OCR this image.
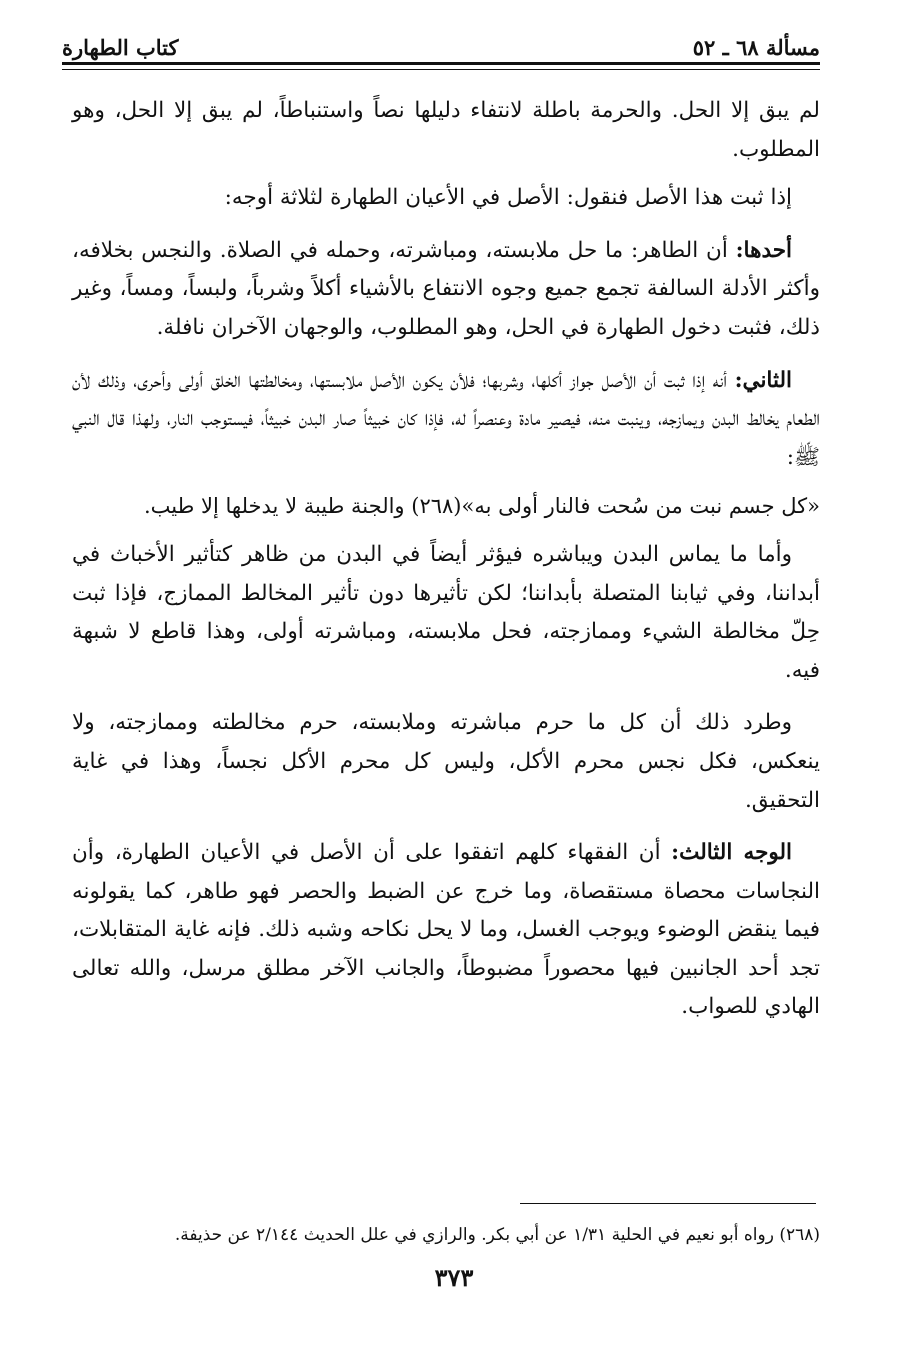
مسألة ٦٨ ـ ٥٢
كتاب الطهارة

لم يبق إلا الحل. والحرمة باطلة لانتفاء دليلها نصاً واستنباطاً، لم يبق إلا الحل، وهو المطلوب.

إذا ثبت هذا الأصل فنقول: الأصل في الأعيان الطهارة لثلاثة أوجه:

أحدها: أن الطاهر: ما حل ملابسته، ومباشرته، وحمله في الصلاة. والنجس بخلافه، وأكثر الأدلة السالفة تجمع جميع وجوه الانتفاع بالأشياء أكلاً وشرباً، ولبساً، ومساً، وغير ذلك، فثبت دخول الطهارة في الحل، وهو المطلوب، والوجهان الآخران نافلة.

الثاني: أنه إذا ثبت أن الأصل جواز أكلها، وشربها؛ فلأن يكون الأصل ملابستها، ومخالطتها الخلق أولى وأحرى، وذلك لأن الطعام يخالط البدن ويمازجه، وينبت منه، فيصير مادة وعنصراً له، فإذا كان خبيثاً صار البدن خبيثاً، فيستوجب النار، ولهذا قال النبي ﷺ:

«كل جسم نبت من سُحت فالنار أولى به»(٢٦٨) والجنة طيبة لا يدخلها إلا طيب.

وأما ما يماس البدن ويباشره فيؤثر أيضاً في البدن من ظاهر كتأثير الأخباث في أبداننا، وفي ثيابنا المتصلة بأبداننا؛ لكن تأثيرها دون تأثير المخالط الممازج، فإذا ثبت حِلّ مخالطة الشيء وممازجته، فحل ملابسته، ومباشرته أولى، وهذا قاطع لا شبهة فيه.

وطرد ذلك أن كل ما حرم مباشرته وملابسته، حرم مخالطته وممازجته، ولا ينعكس، فكل نجس محرم الأكل، وليس كل محرم الأكل نجساً، وهذا في غاية التحقيق.

الوجه الثالث: أن الفقهاء كلهم اتفقوا على أن الأصل في الأعيان الطهارة، وأن النجاسات محصاة مستقصاة، وما خرج عن الضبط والحصر فهو طاهر، كما يقولونه فيما ينقض الوضوء ويوجب الغسل، وما لا يحل نكاحه وشبه ذلك. فإنه غاية المتقابلات، تجد أحد الجانبين فيها محصوراً مضبوطاً، والجانب الآخر مطلق مرسل، والله تعالى الهادي للصواب.

(٢٦٨) رواه أبو نعيم في الحلية ١/٣١ عن أبي بكر. والرازي في علل الحديث ٢/١٤٤ عن حذيفة.
٣٧٣
